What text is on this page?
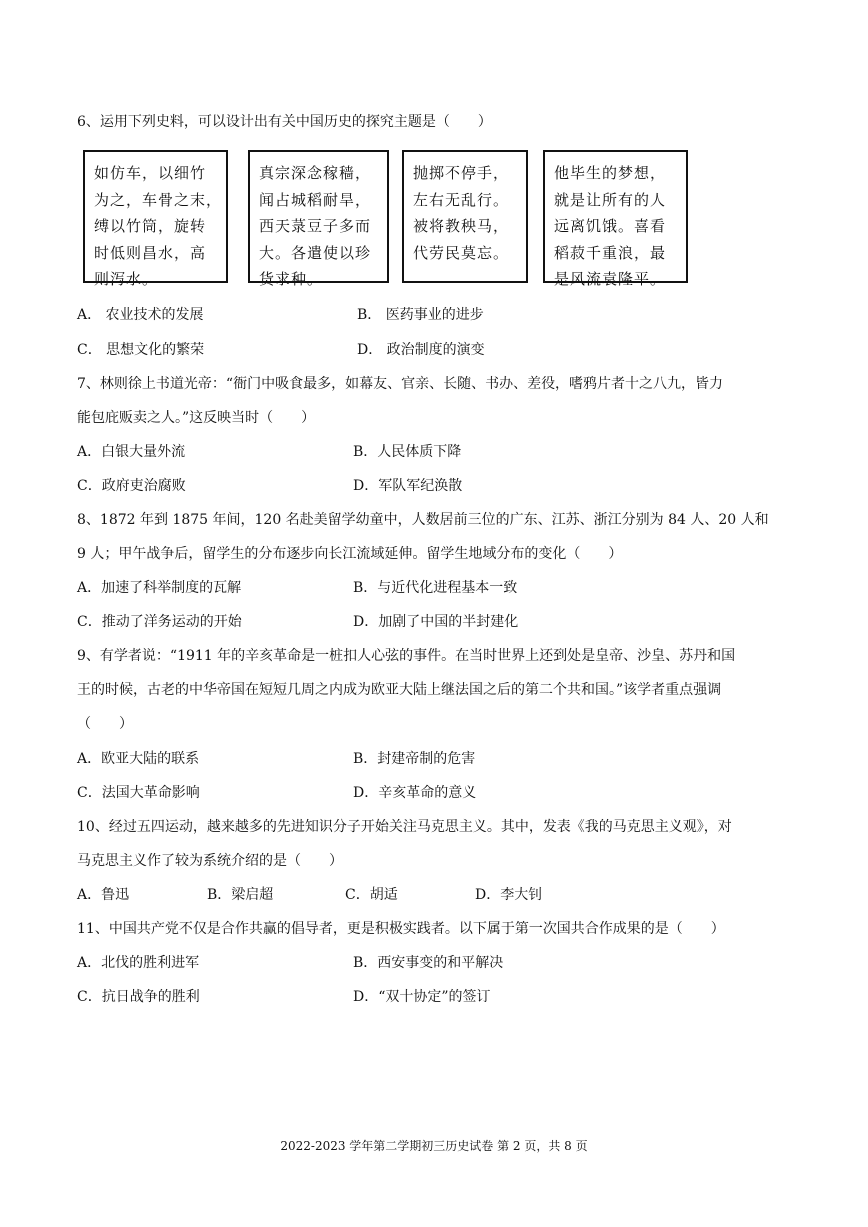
6、运用下列史料，可以设计出有关中国历史的探究主题是（　　）
如仿车，以细竹
为之，车骨之末，
缚以竹筒，旋转
时低则昌水，高
则泻水。
真宗深念稼穑，
闻占城稻耐旱，
西天菉豆子多而
大。各遣使以珍
货求种。
抛掷不停手，
左右无乱行。
被将教秧马，
代劳民莫忘。
他毕生的梦想，
就是让所有的人
远离饥饿。喜看
稻菽千重浪，最
是风流袁隆平。
A． 农业技术的发展	B． 医药事业的进步
C． 思想文化的繁荣	D． 政治制度的演变
7、林则徐上书道光帝：“衙门中吸食最多，如幕友、官亲、长随、书办、差役，嗜鸦片者十之八九，皆力
能包庇贩卖之人。”这反映当时（　　）
A．白银大量外流	B．人民体质下降
C．政府吏治腐败	D．军队军纪涣散
8、1872 年到 1875 年间，120 名赴美留学幼童中，人数居前三位的广东、江苏、浙江分别为 84 人、20 人和
9 人；甲午战争后，留学生的分布逐步向长江流域延伸。留学生地域分布的变化（　　）
A．加速了科举制度的瓦解	B．与近代化进程基本一致
C．推动了洋务运动的开始	D．加剧了中国的半封建化
9、有学者说：“1911 年的辛亥革命是一桩扣人心弦的事件。在当时世界上还到处是皇帝、沙皇、苏丹和国
王的时候，古老的中华帝国在短短几周之内成为欧亚大陆上继法国之后的第二个共和国。”该学者重点强调
（　　）
A．欧亚大陆的联系	B．封建帝制的危害
C．法国大革命影响	D．辛亥革命的意义
10、经过五四运动，越来越多的先进知识分子开始关注马克思主义。其中，发表《我的马克思主义观》，对
马克思主义作了较为系统介绍的是（　　）
A．鲁迅	B．梁启超	C．胡适	D．李大钊
11、中国共产党不仅是合作共赢的倡导者，更是积极实践者。以下属于第一次国共合作成果的是（　　）
A．北伐的胜利进军	B．西安事变的和平解决
C．抗日战争的胜利	D．“双十协定”的签订
2022-2023 学年第二学期初三历史试卷 第 2 页，共 8 页
